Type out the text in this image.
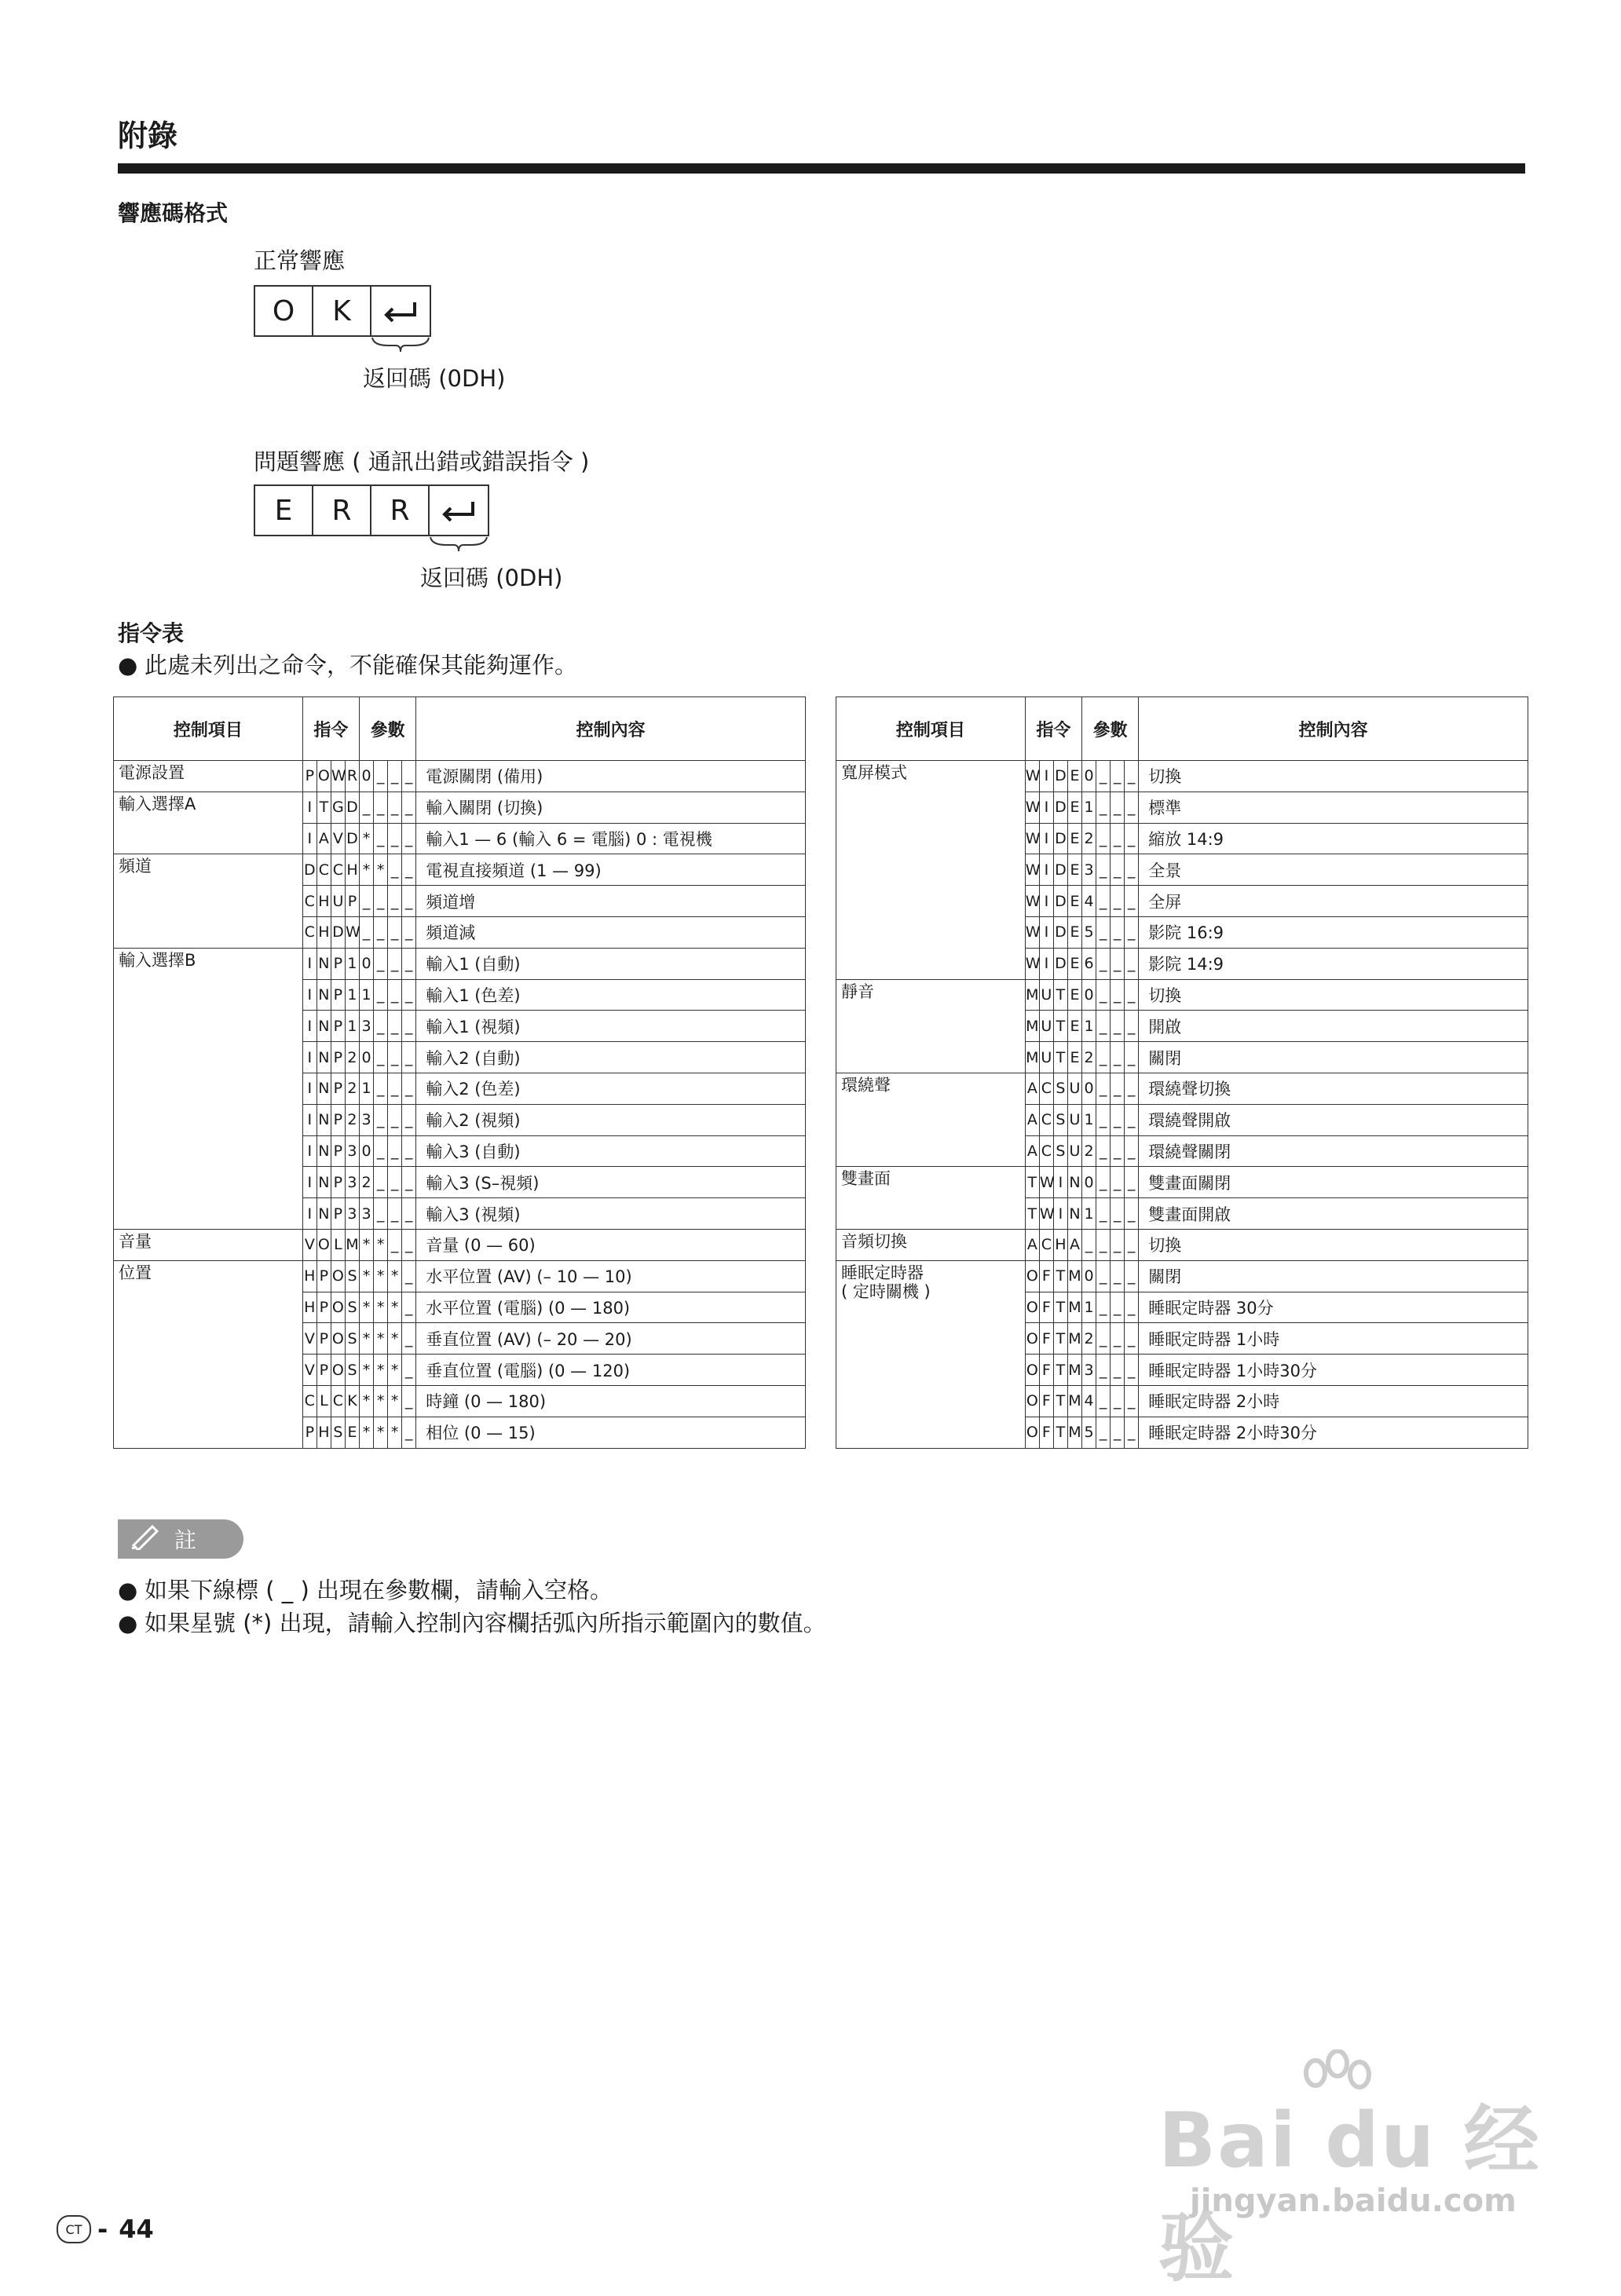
附錄
響應碼格式
正常響應
O	K
返回碼 (0DH)
問題響應 ( 通訊出錯或錯誤指令 )
E	R	R
返回碼 (0DH)
指令表
● 此處未列出之命令，不能確保其能夠運作。
控制項目	指令				參數				控制內容
電源設置	P	O	W	R	0	_	_	_	電源關閉 (備用)
輸入選擇A	I	T	G	D	_	_	_	_	輸入關閉 (切換)
	I	A	V	D	*	_	_	_	輸入1 — 6 (輸入 6 = 電腦) 0 : 電視機
頻道	D	C	C	H	*	*	_	_	電視直接頻道 (1 — 99)
	C	H	U	P	_	_	_	_	頻道增
	C	H	D	W	_	_	_	_	頻道減
輸入選擇B	I	N	P	1	0	_	_	_	輸入1 (自動)
	I	N	P	1	1	_	_	_	輸入1 (色差)
	I	N	P	1	3	_	_	_	輸入1 (視頻)
	I	N	P	2	0	_	_	_	輸入2 (自動)
	I	N	P	2	1	_	_	_	輸入2 (色差)
	I	N	P	2	3	_	_	_	輸入2 (視頻)
	I	N	P	3	0	_	_	_	輸入3 (自動)
	I	N	P	3	2	_	_	_	輸入3 (S–視頻)
	I	N	P	3	3	_	_	_	輸入3 (視頻)
音量	V	O	L	M	*	*	_	_	音量 (0 — 60)
位置	H	P	O	S	*	*	*	_	水平位置 (AV) (– 10 — 10)
	H	P	O	S	*	*	*	_	水平位置 (電腦) (0 — 180)
	V	P	O	S	*	*	*	_	垂直位置 (AV) (– 20 — 20)
	V	P	O	S	*	*	*	_	垂直位置 (電腦) (0 — 120)
	C	L	C	K	*	*	*	_	時鐘 (0 — 180)
	P	H	S	E	*	*	*	_	相位 (0 — 15)
控制項目	指令				參數				控制內容
寬屏模式	W	I	D	E	0	_	_	_	切換
	W	I	D	E	1	_	_	_	標準
	W	I	D	E	2	_	_	_	縮放 14:9
	W	I	D	E	3	_	_	_	全景
	W	I	D	E	4	_	_	_	全屏
	W	I	D	E	5	_	_	_	影院 16:9
	W	I	D	E	6	_	_	_	影院 14:9
靜音	M	U	T	E	0	_	_	_	切換
	M	U	T	E	1	_	_	_	開啟
	M	U	T	E	2	_	_	_	關閉
環繞聲	A	C	S	U	0	_	_	_	環繞聲切換
	A	C	S	U	1	_	_	_	環繞聲開啟
	A	C	S	U	2	_	_	_	環繞聲關閉
雙畫面	T	W	I	N	0	_	_	_	雙畫面關閉
	T	W	I	N	1	_	_	_	雙畫面開啟
音頻切換	A	C	H	A	_	_	_	_	切換
睡眠定時器
( 定時關機 )	O	F	T	M	0	_	_	_	關閉
	O	F	T	M	1	_	_	_	睡眠定時器 30分
	O	F	T	M	2	_	_	_	睡眠定時器 1小時
	O	F	T	M	3	_	_	_	睡眠定時器 1小時30分
	O	F	T	M	4	_	_	_	睡眠定時器 2小時
	O	F	T	M	5	_	_	_	睡眠定時器 2小時30分
註
● 如果下線標 ( _ ) 出現在參數欄，請輸入空格。
● 如果星號 (*) 出現，請輸入控制內容欄括弧內所指示範圍內的數值。
CT - 44
Bai du 经验
jingyan.baidu.com
